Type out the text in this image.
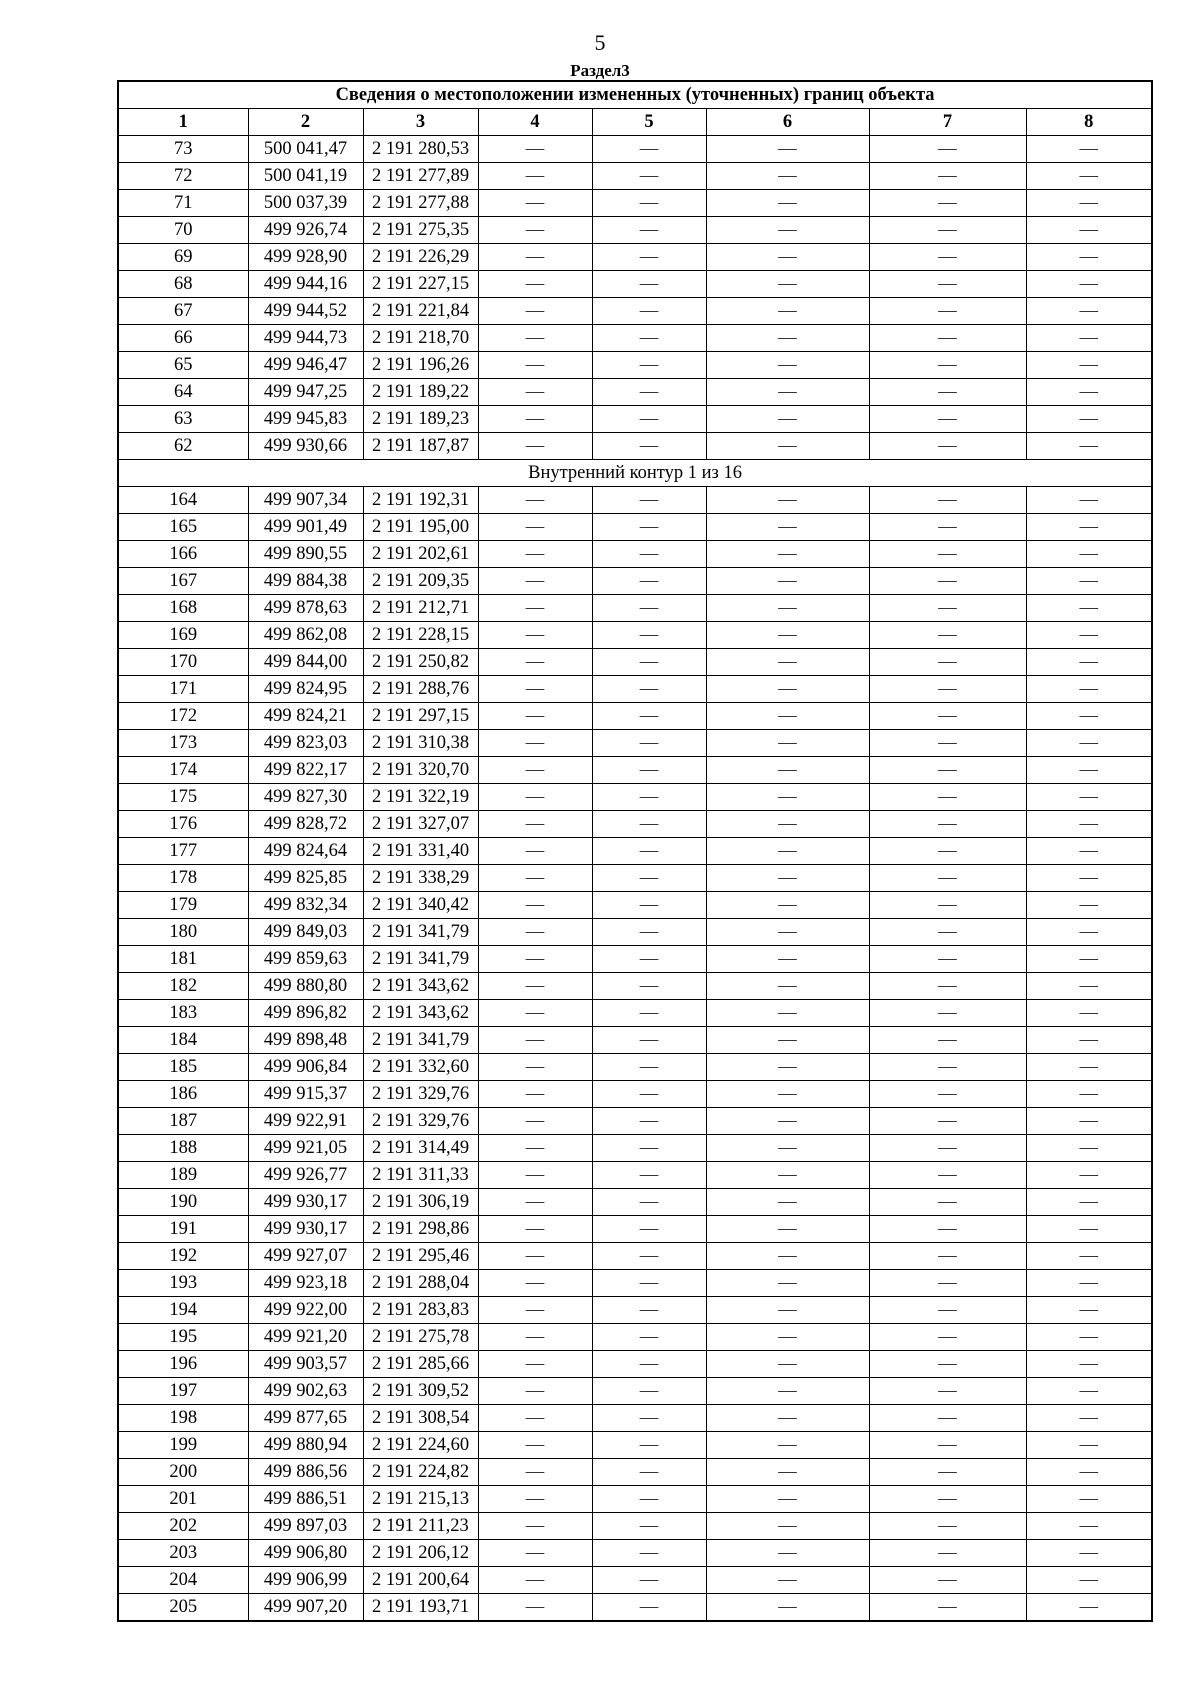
5
Раздел3
Сведения о местоположении измененных (уточненных) границ объекта							
1	2	3	4	5	6	7	8
73	500 041,47	2 191 280,53	—	—	—	—	—
72	500 041,19	2 191 277,89	—	—	—	—	—
71	500 037,39	2 191 277,88	—	—	—	—	—
70	499 926,74	2 191 275,35	—	—	—	—	—
69	499 928,90	2 191 226,29	—	—	—	—	—
68	499 944,16	2 191 227,15	—	—	—	—	—
67	499 944,52	2 191 221,84	—	—	—	—	—
66	499 944,73	2 191 218,70	—	—	—	—	—
65	499 946,47	2 191 196,26	—	—	—	—	—
64	499 947,25	2 191 189,22	—	—	—	—	—
63	499 945,83	2 191 189,23	—	—	—	—	—
62	499 930,66	2 191 187,87	—	—	—	—	—
Внутренний контур 1 из 16							
164	499 907,34	2 191 192,31	—	—	—	—	—
165	499 901,49	2 191 195,00	—	—	—	—	—
166	499 890,55	2 191 202,61	—	—	—	—	—
167	499 884,38	2 191 209,35	—	—	—	—	—
168	499 878,63	2 191 212,71	—	—	—	—	—
169	499 862,08	2 191 228,15	—	—	—	—	—
170	499 844,00	2 191 250,82	—	—	—	—	—
171	499 824,95	2 191 288,76	—	—	—	—	—
172	499 824,21	2 191 297,15	—	—	—	—	—
173	499 823,03	2 191 310,38	—	—	—	—	—
174	499 822,17	2 191 320,70	—	—	—	—	—
175	499 827,30	2 191 322,19	—	—	—	—	—
176	499 828,72	2 191 327,07	—	—	—	—	—
177	499 824,64	2 191 331,40	—	—	—	—	—
178	499 825,85	2 191 338,29	—	—	—	—	—
179	499 832,34	2 191 340,42	—	—	—	—	—
180	499 849,03	2 191 341,79	—	—	—	—	—
181	499 859,63	2 191 341,79	—	—	—	—	—
182	499 880,80	2 191 343,62	—	—	—	—	—
183	499 896,82	2 191 343,62	—	—	—	—	—
184	499 898,48	2 191 341,79	—	—	—	—	—
185	499 906,84	2 191 332,60	—	—	—	—	—
186	499 915,37	2 191 329,76	—	—	—	—	—
187	499 922,91	2 191 329,76	—	—	—	—	—
188	499 921,05	2 191 314,49	—	—	—	—	—
189	499 926,77	2 191 311,33	—	—	—	—	—
190	499 930,17	2 191 306,19	—	—	—	—	—
191	499 930,17	2 191 298,86	—	—	—	—	—
192	499 927,07	2 191 295,46	—	—	—	—	—
193	499 923,18	2 191 288,04	—	—	—	—	—
194	499 922,00	2 191 283,83	—	—	—	—	—
195	499 921,20	2 191 275,78	—	—	—	—	—
196	499 903,57	2 191 285,66	—	—	—	—	—
197	499 902,63	2 191 309,52	—	—	—	—	—
198	499 877,65	2 191 308,54	—	—	—	—	—
199	499 880,94	2 191 224,60	—	—	—	—	—
200	499 886,56	2 191 224,82	—	—	—	—	—
201	499 886,51	2 191 215,13	—	—	—	—	—
202	499 897,03	2 191 211,23	—	—	—	—	—
203	499 906,80	2 191 206,12	—	—	—	—	—
204	499 906,99	2 191 200,64	—	—	—	—	—
205	499 907,20	2 191 193,71	—	—	—	—	—
